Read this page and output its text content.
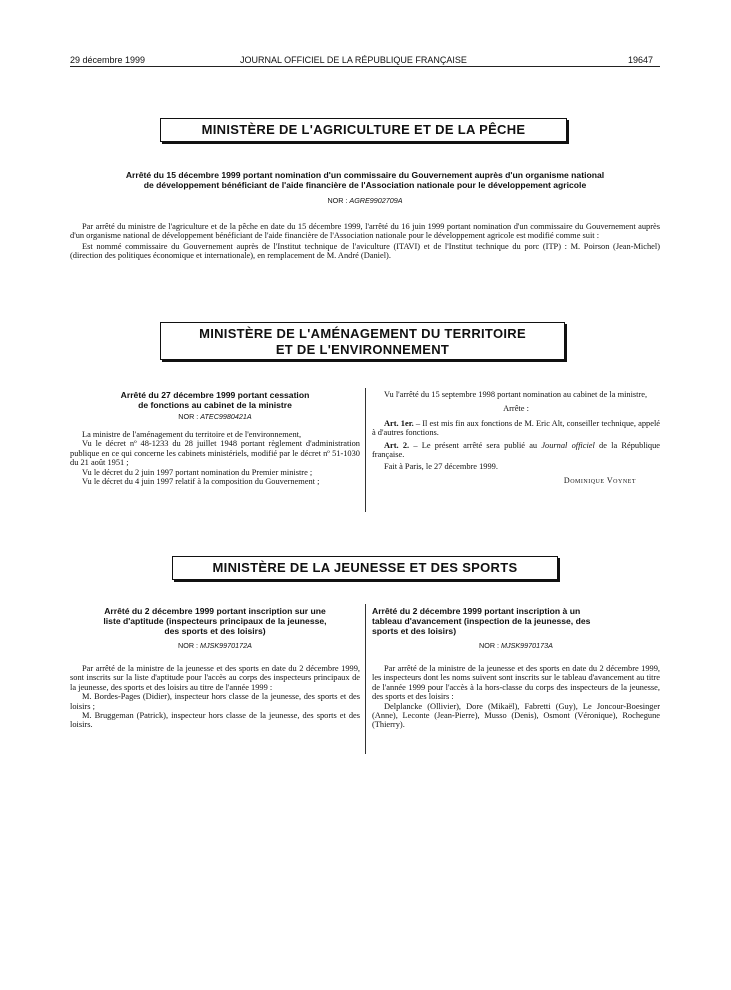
29 décembre 1999	JOURNAL OFFICIEL DE LA RÉPUBLIQUE FRANÇAISE	19647
MINISTÈRE DE L'AGRICULTURE ET DE LA PÊCHE
Arrêté du 15 décembre 1999 portant nomination d'un commissaire du Gouvernement auprès d'un organisme national
de développement bénéficiant de l'aide financière de l'Association nationale pour le développement agricole
NOR : AGRE9902709A

Par arrêté du ministre de l'agriculture et de la pêche en date du 15 décembre 1999, l'arrêté du 16 juin 1999 portant nomination d'un commissaire du Gouvernement auprès d'un organisme national de développement bénéficiant de l'aide financière de l'Association nationale pour le développement agricole est modifié comme suit :

Est nommé commissaire du Gouvernement auprès de l'Institut technique de l'aviculture (ITAVI) et de l'Institut technique du porc (ITP) : M. Poirson (Jean-Michel) (direction des politiques économique et internationale), en remplacement de M. André (Daniel).

MINISTÈRE DE L'AMÉNAGEMENT DU TERRITOIRE
ET DE L'ENVIRONNEMENT
Arrêté du 27 décembre 1999 portant cessation
de fonctions au cabinet de la ministre
NOR : ATEC9980421A

La ministre de l'aménagement du territoire et de l'environnement,

Vu le décret nº 48-1233 du 28 juillet 1948 portant règlement d'administration publique en ce qui concerne les cabinets ministériels, modifié par le décret nº 51-1030 du 21 août 1951 ;

Vu le décret du 2 juin 1997 portant nomination du Premier ministre ;

Vu le décret du 4 juin 1997 relatif à la composition du Gouvernement ;

Vu l'arrêté du 15 septembre 1998 portant nomination au cabinet de la ministre,

Arrête :

Art. 1er. – Il est mis fin aux fonctions de M. Eric Alt, conseiller technique, appelé à d'autres fonctions.

Art. 2. – Le présent arrêté sera publié au Journal officiel de la République française.

Fait à Paris, le 27 décembre 1999.

Dominique Voynet
MINISTÈRE DE LA JEUNESSE ET DES SPORTS
Arrêté du 2 décembre 1999 portant inscription sur une
liste d'aptitude (inspecteurs principaux de la jeunesse,
des sports et des loisirs)
NOR : MJSK9970172A

Par arrêté de la ministre de la jeunesse et des sports en date du 2 décembre 1999, sont inscrits sur la liste d'aptitude pour l'accès au corps des inspecteurs principaux de la jeunesse, des sports et des loisirs au titre de l'année 1999 :

M. Bordes-Pages (Didier), inspecteur hors classe de la jeunesse, des sports et des loisirs ;

M. Bruggeman (Patrick), inspecteur hors classe de la jeunesse, des sports et des loisirs.

Arrêté du 2 décembre 1999 portant inscription à un
tableau d'avancement (inspection de la jeunesse, des
sports et des loisirs)
NOR : MJSK9970173A

Par arrêté de la ministre de la jeunesse et des sports en date du 2 décembre 1999, les inspecteurs dont les noms suivent sont inscrits sur le tableau d'avancement au titre de l'année 1999 pour l'accès à la hors-classe du corps des inspecteurs de la jeunesse, des sports et des loisirs :

Delplancke (Ollivier), Dore (Mikaël), Fabretti (Guy), Le Joncour-Boesinger (Anne), Leconte (Jean-Pierre), Musso (Denis), Osmont (Véronique), Rochegune (Thierry).
